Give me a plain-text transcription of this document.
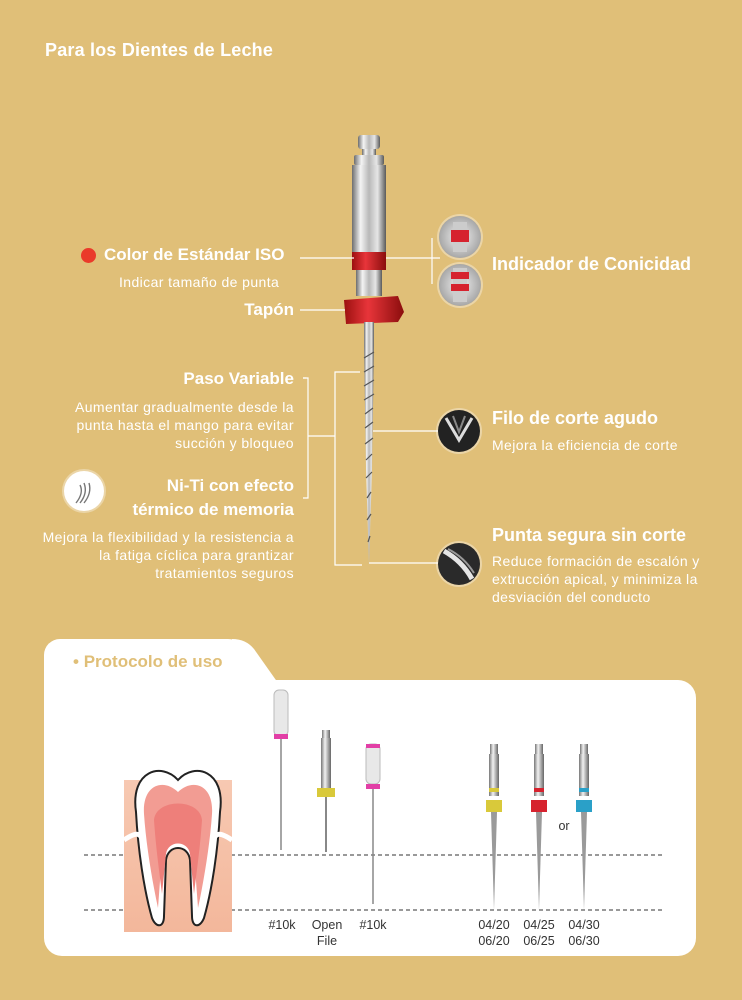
Para los Dientes de Leche
Color de Estándar ISO
Indicar tamaño de punta
Tapón
Paso Variable
Aumentar gradualmente desde la punta hasta el mango para evitar succión y bloqueo
Ni-Ti con efecto
térmico de memoria
Mejora la flexibilidad y la resistencia a la fatiga cíclica para grantizar tratamientos seguros
Indicador de Conicidad
Filo de corte agudo
Mejora la eficiencia de corte
Punta segura sin corte
Reduce formación de escalón y extrucción apical, y minimiza la desviación del conducto
• Protocolo de uso
#10k	Open
File
#10k	04/20
06/20
04/25
06/25
04/30
06/30
or
